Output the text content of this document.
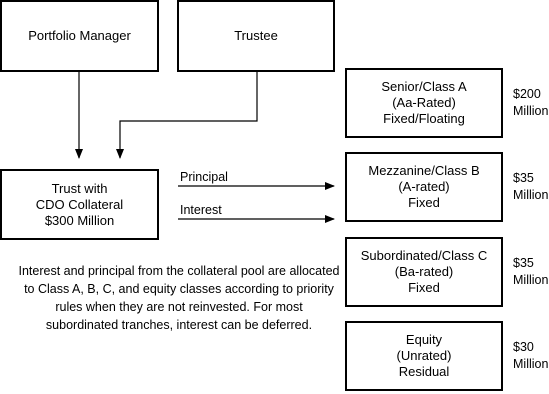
Portfolio Manager	Trustee
Trust with
CDO Collateral
$300 Million
Principal
Interest
Senior/Class A
(Aa-Rated)
Fixed/Floating
$200
Million
Mezzanine/Class B
(A-rated)
Fixed
$35
Million
Subordinated/Class C
(Ba-rated)
Fixed
$35
Million
Equity
(Unrated)
Residual
$30
Million
Interest and principal from the collateral pool are allocated to Class A, B, C, and equity classes according to priority rules when they are not reinvested. For most subordinated tranches, interest can be deferred.
